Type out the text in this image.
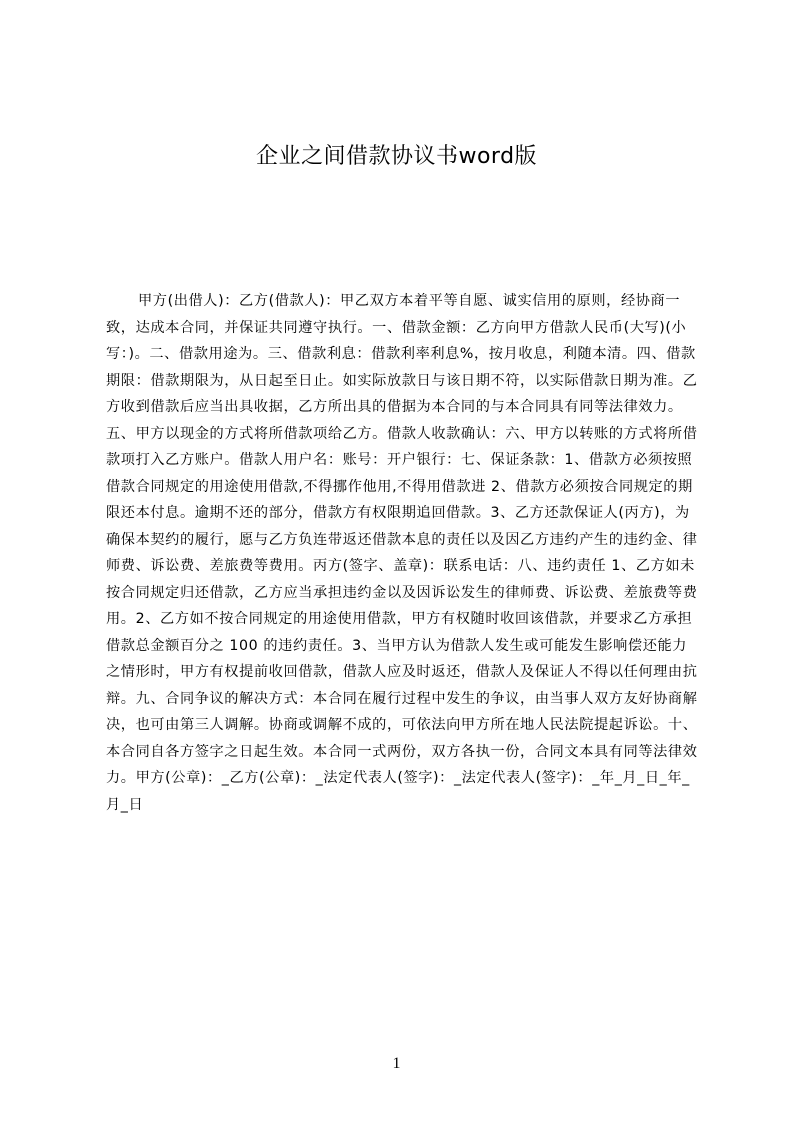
企业之间借款协议书word版

甲方(出借人)：乙方(借款人)：甲乙双方本着平等自愿、诚实信用的原则，经协商一致，达成本合同，并保证共同遵守执行。一、借款金额：乙方向甲方借款人民币(大写)(小写：)。二、借款用途为。三、借款利息：借款利率利息%，按月收息，利随本清。四、借款期限：借款期限为，从日起至日止。如实际放款日与该日期不符，以实际借款日期为准。乙方收到借款后应当出具收据，乙方所出具的借据为本合同的与本合同具有同等法律效力。五、甲方以现金的方式将所借款项给乙方。借款人收款确认：六、甲方以转账的方式将所借款项打入乙方账户。借款人用户名：账号：开户银行：七、保证条款：1、借款方必须按照借款合同规定的用途使用借款,不得挪作他用,不得用借款进 2、借款方必须按合同规定的期限还本付息。逾期不还的部分，借款方有权限期追回借款。3、乙方还款保证人(丙方)，为确保本契约的履行，愿与乙方负连带返还借款本息的责任以及因乙方违约产生的违约金、律师费、诉讼费、差旅费等费用。丙方(签字、盖章)：联系电话：八、违约责任 1、乙方如未按合同规定归还借款，乙方应当承担违约金以及因诉讼发生的律师费、诉讼费、差旅费等费用。2、乙方如不按合同规定的用途使用借款，甲方有权随时收回该借款，并要求乙方承担借款总金额百分之 100 的违约责任。3、当甲方认为借款人发生或可能发生影响偿还能力之情形时，甲方有权提前收回借款，借款人应及时返还，借款人及保证人不得以任何理由抗辩。九、合同争议的解决方式：本合同在履行过程中发生的争议，由当事人双方友好协商解决，也可由第三人调解。协商或调解不成的，可依法向甲方所在地人民法院提起诉讼。十、本合同自各方签字之日起生效。本合同一式两份，双方各执一份，合同文本具有同等法律效力。甲方(公章)：_乙方(公章)：_法定代表人(签字)：_法定代表人(签字)：_年_月_日_年_月_日

1
